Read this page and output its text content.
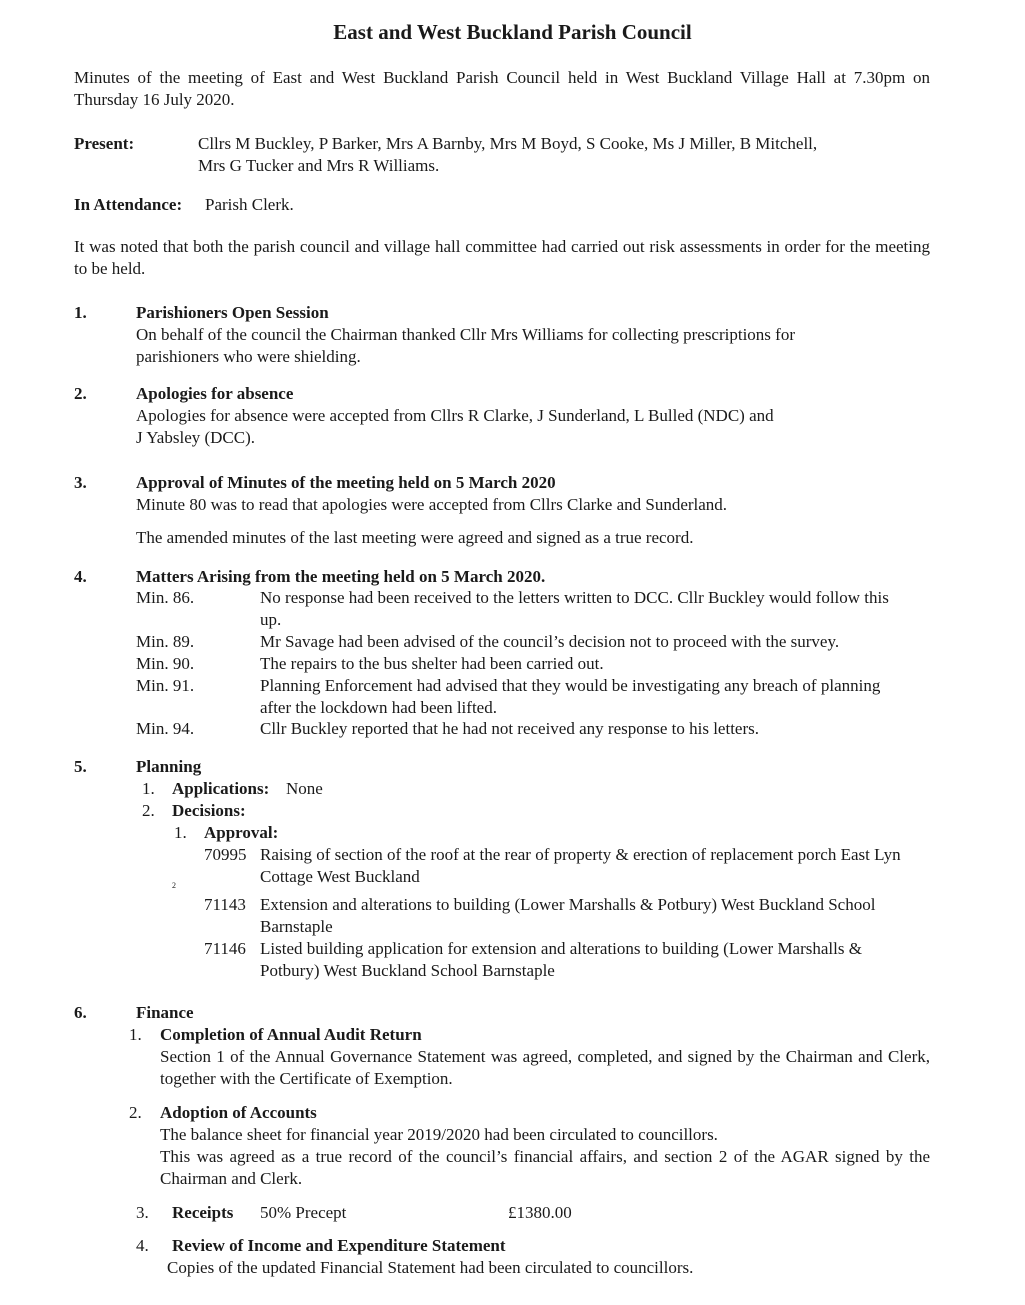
East and West Buckland Parish Council
Minutes of the meeting of East and West Buckland Parish Council held in West Buckland Village Hall at 7.30pm on Thursday 16 July 2020.
Present:	Cllrs M Buckley, P Barker, Mrs A Barnby, Mrs M Boyd, S Cooke, Ms J Miller, B Mitchell,
Mrs G Tucker and Mrs R Williams.
In Attendance: Parish Clerk.
It was noted that both the parish council and village hall committee had carried out risk assessments in order for the meeting to be held.
1.	Parishioners Open Session
On behalf of the council the Chairman thanked Cllr Mrs Williams for collecting prescriptions for parishioners who were shielding.
2.	Apologies for absence
Apologies for absence were accepted from Cllrs R Clarke, J Sunderland, L Bulled (NDC) and
J Yabsley (DCC).
3.	Approval of Minutes of the meeting held on 5 March 2020
Minute 80 was to read that apologies were accepted from Cllrs Clarke and Sunderland.
The amended minutes of the last meeting were agreed and signed as a true record.
4.	Matters Arising from the meeting held on 5 March 2020.
Min. 86.	No response had been received to the letters written to DCC. Cllr Buckley would follow this up.
Min. 89.	Mr Savage had been advised of the council’s decision not to proceed with the survey.
Min. 90.	The repairs to the bus shelter had been carried out.
Min. 91.	Planning Enforcement had advised that they would be investigating any breach of planning after the lockdown had been lifted.
Min. 94.	Cllr Buckley reported that he had not received any response to his letters.
5.	Planning
1. Applications: None
2. Decisions:
1. Approval:
70995 Raising of section of the roof at the rear of property & erection of replacement porch East Lyn Cottage West Buckland
2
71143 Extension and alterations to building (Lower Marshalls & Potbury) West Buckland School Barnstaple
71146 Listed building application for extension and alterations to building (Lower Marshalls & Potbury) West Buckland School Barnstaple
6.	Finance
1. Completion of Annual Audit Return
Section 1 of the Annual Governance Statement was agreed, completed, and signed by the Chairman and Clerk, together with the Certificate of Exemption.
2. Adoption of Accounts
The balance sheet for financial year 2019/2020 had been circulated to councillors.
This was agreed as a true record of the council’s financial affairs, and section 2 of the AGAR signed by the Chairman and Clerk.
3. Receipts 50% Precept	£1380.00
4. Review of Income and Expenditure Statement
Copies of the updated Financial Statement had been circulated to councillors.
